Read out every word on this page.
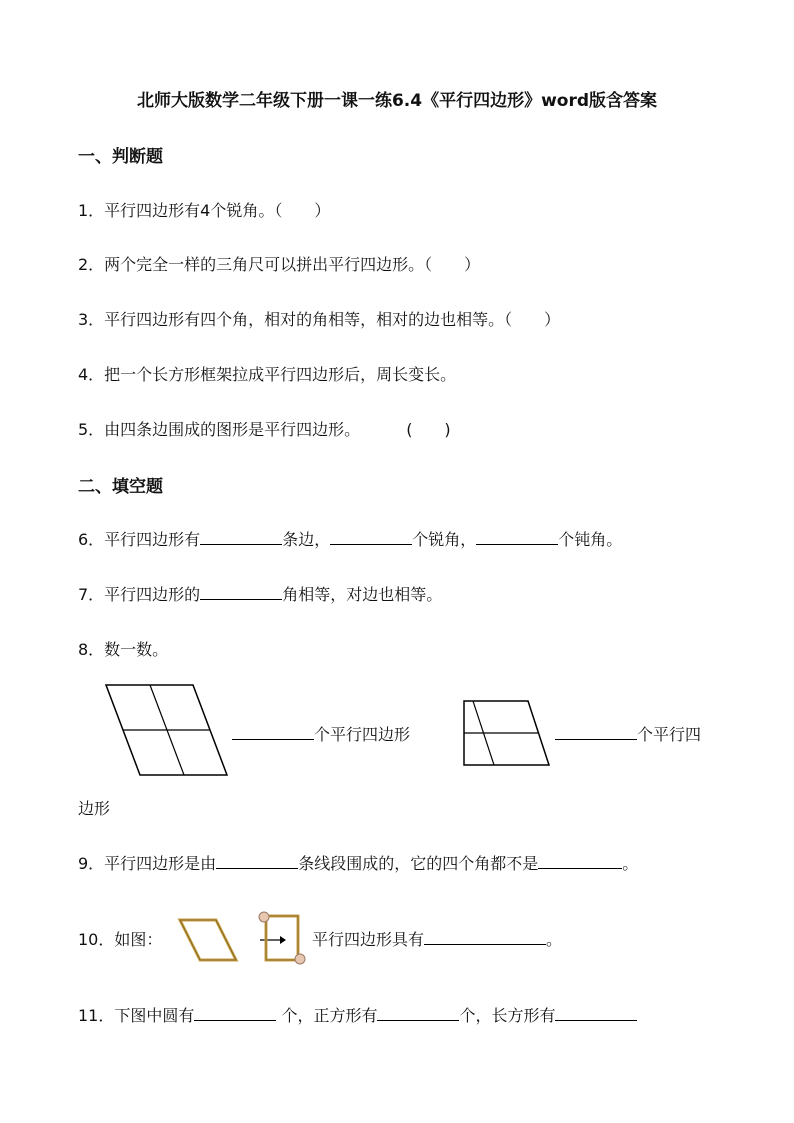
北师大版数学二年级下册一课一练6.4《平行四边形》word版含答案
一、判断题
1．平行四边形有4个锐角。（　　）
2．两个完全一样的三角尺可以拼出平行四边形。（　　）
3．平行四边形有四个角，相对的角相等，相对的边也相等。（　　）
4．把一个长方形框架拉成平行四边形后，周长变长。
5．由四条边围成的图形是平行四边形。	(　　)
二、填空题
6．平行四边形有	条边，	个锐角，	个钝角。
7．平行四边形的	角相等，对边也相等。
8．数一数。
个平行四边形	个平行四
边形
9．平行四边形是由	条线段围成的，它的四个角都不是	。
10．如图：	平行四边形具有	。
11．下图中圆有	个，正方形有	个，长方形有
